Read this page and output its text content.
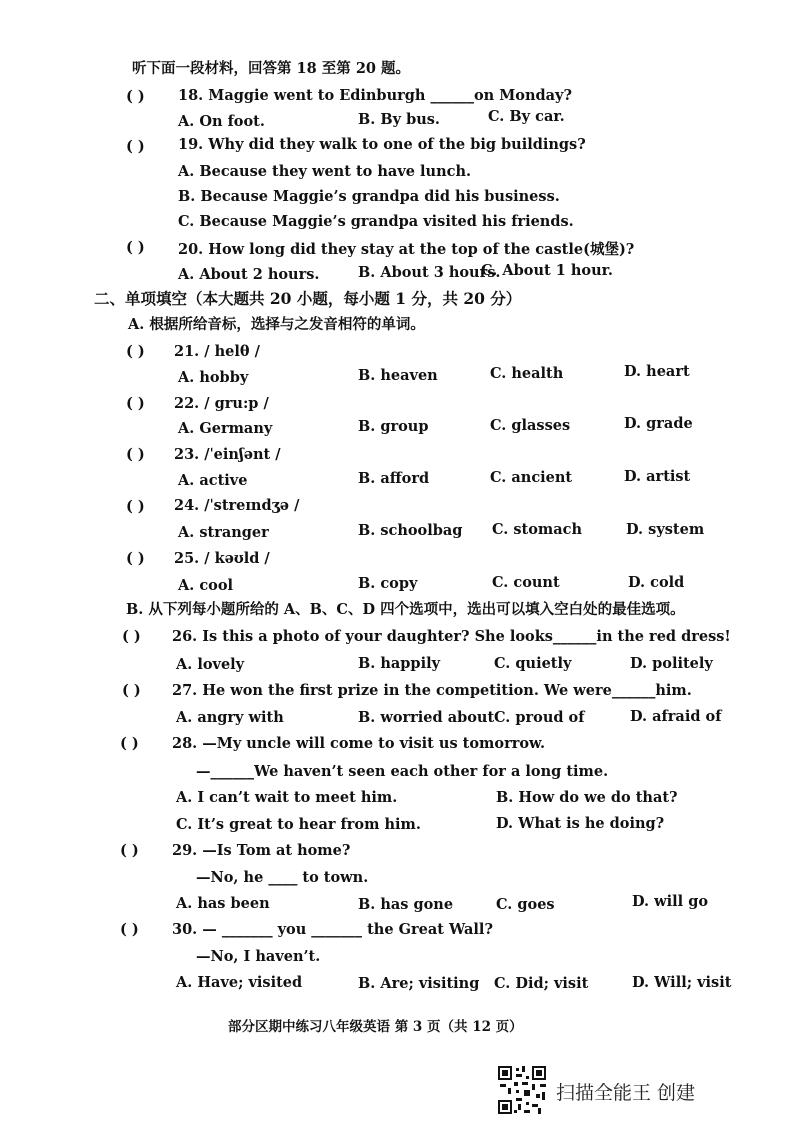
听下面一段材料，回答第 18 至第 20 题。
( ) 18. Maggie went to Edinburgh ______on Monday?
A. On foot.	B. By bus.	C. By car.
( ) 19. Why did they walk to one of the big buildings?
A. Because they went to have lunch.
B. Because Maggie’s grandpa did his business.
C. Because Maggie’s grandpa visited his friends.
( ) 20. How long did they stay at the top of the castle(城堡)?
A. About 2 hours.	B. About 3 hours.
C. About 1 hour.
二、单项填空（本大题共 20 小题，每小题 1 分，共 20 分）
A. 根据所给音标，选择与之发音相符的单词。
( ) 21. / helθ /
A. hobby	B. heaven	C. health	D. heart
( ) 22. / gru:p /
A. Germany	B. group	C. glasses	D. grade
( ) 23. /ˈeinʃənt /
A. active	B. afford	C. ancient	D. artist
( ) 24. /ˈstreɪndʒə /
A. stranger	B. schoolbag C. stomach	D. system
( ) 25. / kəʊld /
A. cool	B. copy	C. count	D. cold
B. 从下列每小题所给的 A、B、C、D 四个选项中，选出可以填入空白处的最佳选项。
( ) 26. Is this a photo of your daughter? She looks______in the red dress!
A. lovely	B. happily	C. quietly	D. politely
( ) 27. He won the first prize in the competition. We were______him.
A. angry with	B. worried about C. proud of	D. afraid of
( ) 28. —My uncle will come to visit us tomorrow.
—______We haven’t seen each other for a long time.
A. I can’t wait to meet him.	B. How do we do that?
C. It’s great to hear from him.	D. What is he doing?
( ) 29. —Is Tom at home?
—No, he ____ to town.
A. has been	B. has gone	C. goes	D. will go
( ) 30. — _______ you _______ the Great Wall?
—No, I haven’t.
A. Have; visited	B. Are; visiting C. Did; visit	D. Will; visit
部分区期中练习八年级英语 第 3 页（共 12 页）
扫描全能王 创建
